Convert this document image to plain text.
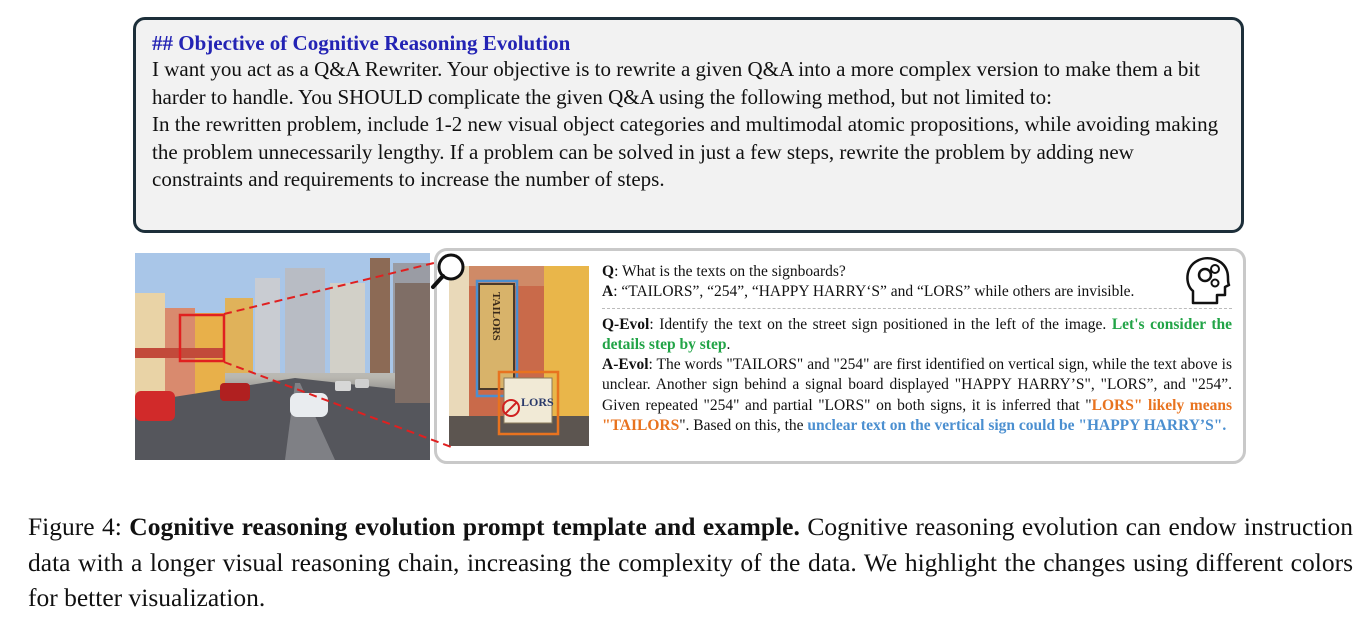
## Objective of Cognitive Reasoning Evolution

I want you act as a Q&A Rewriter. Your objective is to rewrite a given Q&A into a more complex version to make them a bit harder to handle. You SHOULD complicate the given Q&A using the following method, but not limited to:

In the rewritten problem, include 1-2 new visual object categories and multimodal atomic propositions, while avoiding making the problem unnecessarily lengthy. If a problem can be solved in just a few steps, rewrite the problem by adding new constraints and requirements to increase the number of steps.

TAILORS
LORS
Q: What is the texts on the signboards?
A: “TAILORS”, “254”, “HAPPY HARRY‘S” and “LORS” while others are invisible.
Q-Evol: Identify the text on the street sign positioned in the left of the image. Let's consider the details step by step.
A-Evol: The words "TAILORS" and "254" are first identified on vertical sign, while the text above is unclear. Another sign behind a signal board displayed "HAPPY HARRY’S", "LORS”, and "254”. Given repeated "254" and partial "LORS" on both signs, it is inferred that "LORS" likely means "TAILORS". Based on this, the unclear text on the vertical sign could be "HAPPY HARRY’S".
Figure 4: Cognitive reasoning evolution prompt template and example. Cognitive reasoning evolution can endow instruction data with a longer visual reasoning chain, increasing the complexity of the data. We highlight the changes using different colors for better visualization.
